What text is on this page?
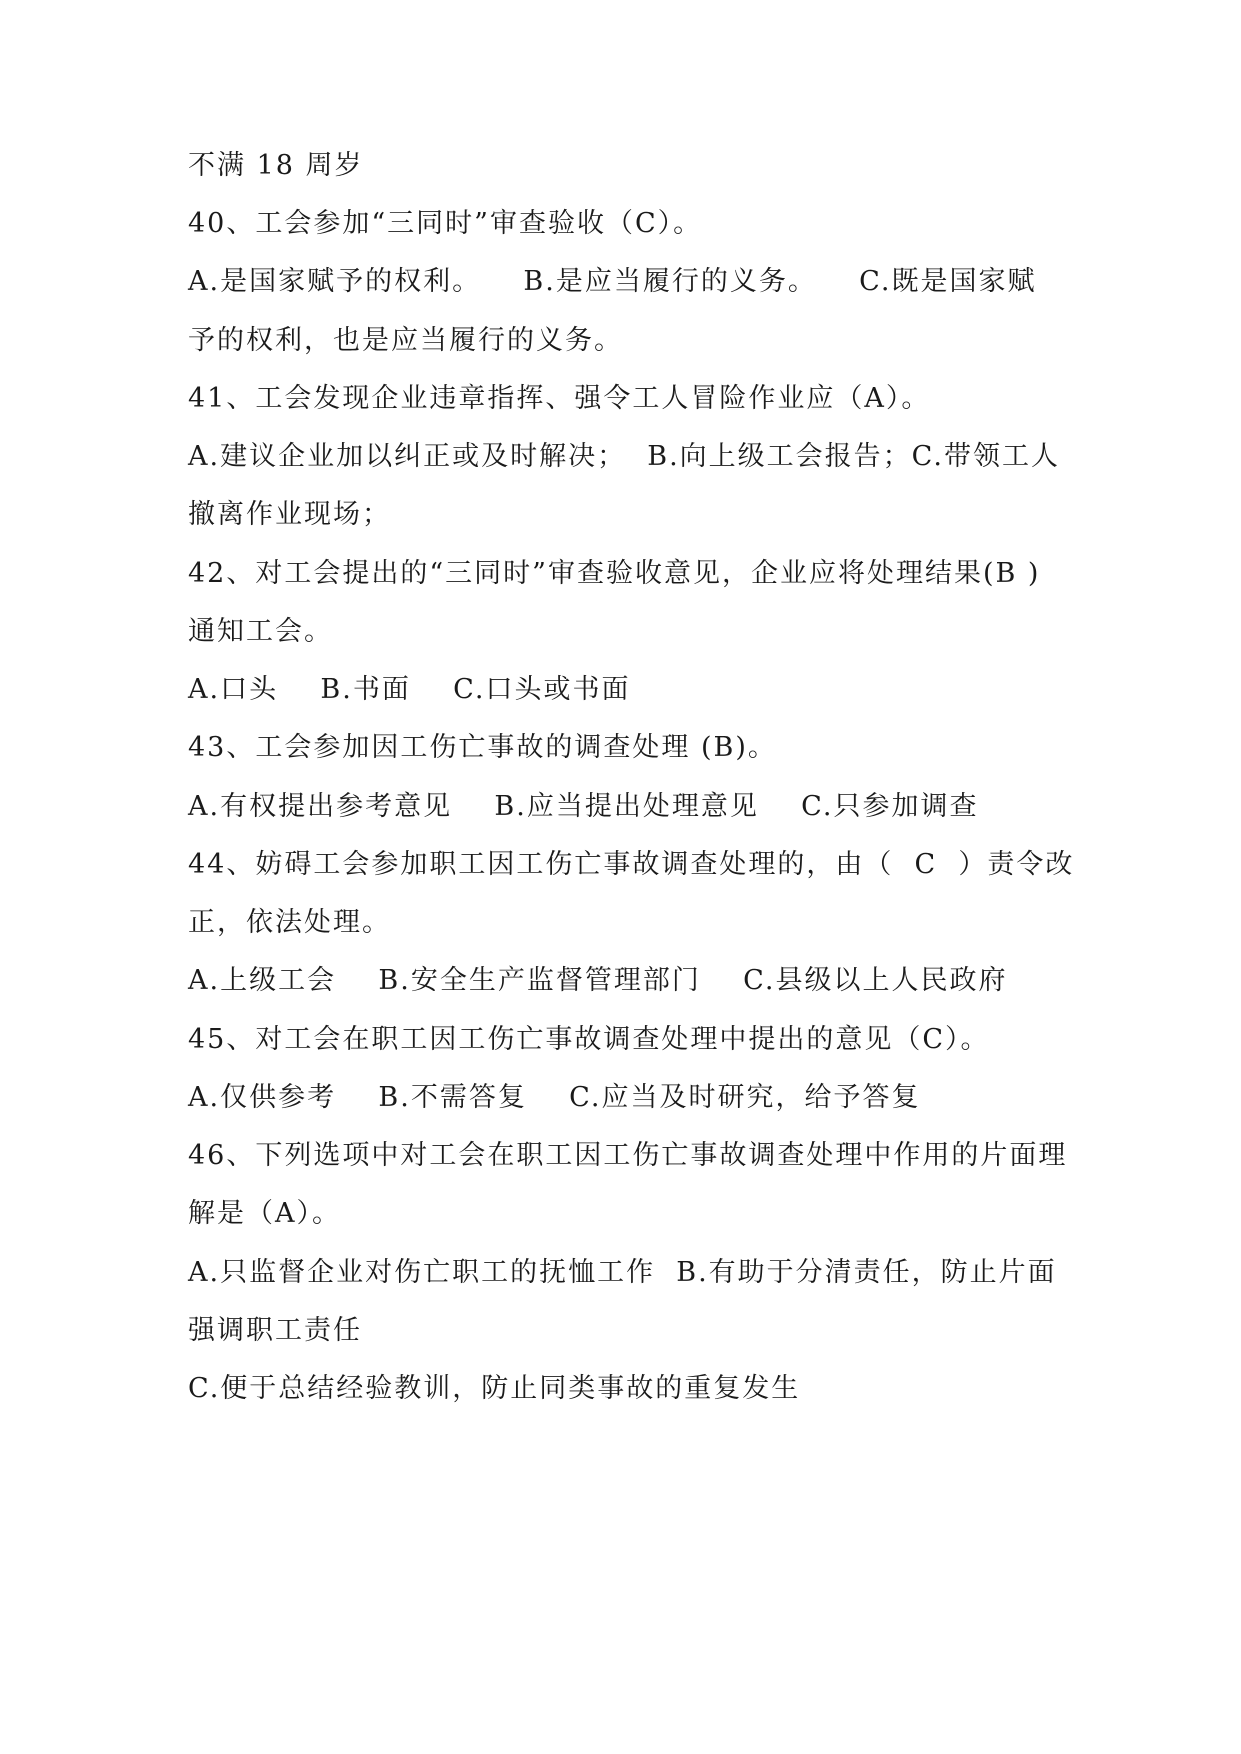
不满 18 周岁
40、工会参加“三同时”审查验收（C）。
A.是国家赋予的权利。    B.是应当履行的义务。    C.既是国家赋
予的权利，也是应当履行的义务。
41、工会发现企业违章指挥、强令工人冒险作业应（A）。
A.建议企业加以纠正或及时解决；  B.向上级工会报告；C.带领工人
撤离作业现场；
42、对工会提出的“三同时”审查验收意见，企业应将处理结果(B )
通知工会。
A.口头    B.书面    C.口头或书面
43、工会参加因工伤亡事故的调查处理 (B)。
A.有权提出参考意见    B.应当提出处理意见    C.只参加调查
44、妨碍工会参加职工因工伤亡事故调查处理的，由（  C  ）责令改
正，依法处理。
A.上级工会    B.安全生产监督管理部门    C.县级以上人民政府
45、对工会在职工因工伤亡事故调查处理中提出的意见（C）。
A.仅供参考    B.不需答复    C.应当及时研究，给予答复
46、下列选项中对工会在职工因工伤亡事故调查处理中作用的片面理
解是（A）。
A.只监督企业对伤亡职工的抚恤工作  B.有助于分清责任，防止片面
强调职工责任
C.便于总结经验教训，防止同类事故的重复发生
